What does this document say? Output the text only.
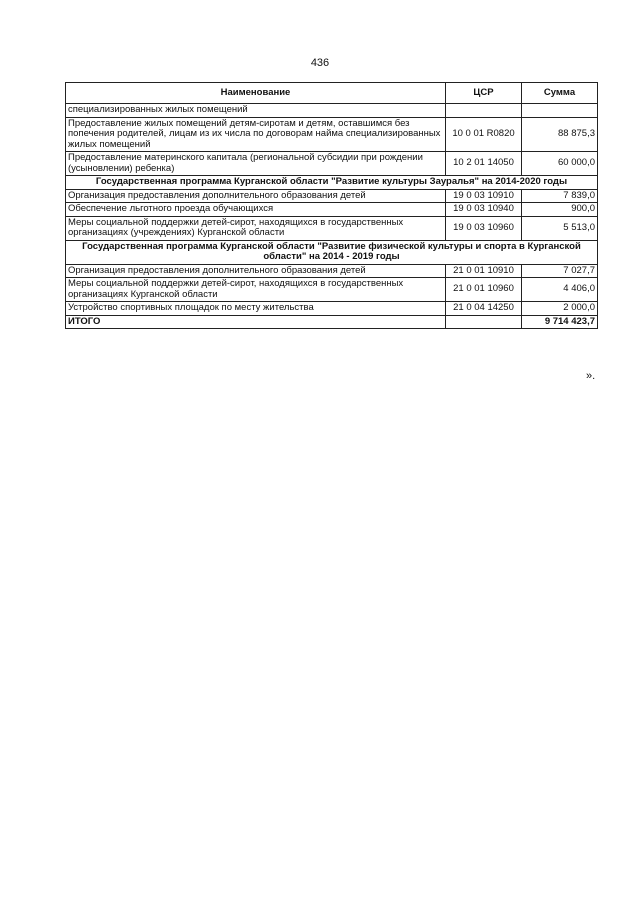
436
Наименование	ЦСР	Сумма
специализированных жилых помещений		
Предоставление жилых помещений детям-сиротам и детям, оставшимся без попечения родителей, лицам из их числа по договорам найма специализированных жилых помещений	10 0 01 R0820	88 875,3
Предоставление материнского капитала (региональной субсидии при рождении (усыновлении) ребенка)	10 2 01 14050	60 000,0
Государственная программа Курганской области "Развитие культуры Зауралья" на 2014-2020 годы		
Организация предоставления дополнительного образования детей	19 0 03 10910	7 839,0
Обеспечение льготного проезда обучающихся	19 0 03 10940	900,0
Меры социальной поддержки детей-сирот, находящихся в государственных организациях (учреждениях) Курганской области	19 0 03 10960	5 513,0
Государственная программа Курганской области "Развитие физической культуры и спорта в Курганской области" на 2014 - 2019 годы		
Организация предоставления дополнительного образования детей	21 0 01 10910	7 027,7
Меры социальной поддержки детей-сирот, находящихся в государственных организациях Курганской области	21 0 01 10960	4 406,0
Устройство спортивных площадок по месту жительства	21 0 04 14250	2 000,0
ИТОГО		9 714 423,7
».
